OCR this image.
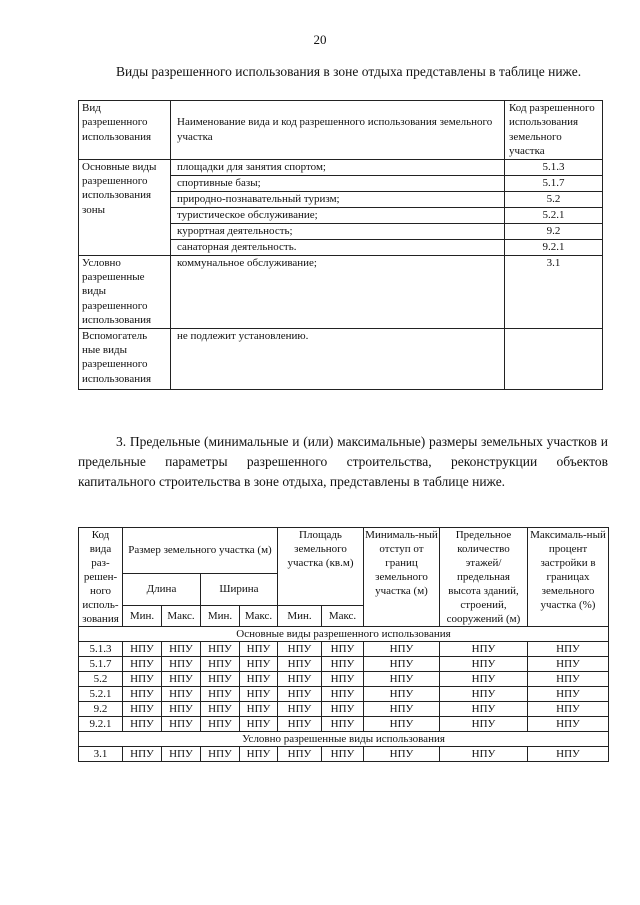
20

Виды разрешенного использования в зоне отдыха представлены в таблице ниже.

Вид разрешенного использования	Наименование вида и код разрешенного использования земельного участка	Код разрешенного использования земельного участка
Основные виды разрешенного использования зоны	площадки для занятия спортом;	5.1.3
	спортивные базы;	5.1.7
	природно-познавательный туризм;	5.2
	туристическое обслуживание;	5.2.1
	курортная деятельность;	9.2
	санаторная деятельность.	9.2.1
Условно разрешенные виды разрешенного использования	коммунальное обслуживание;	3.1
Вспомогатель ные виды разрешенного использования	не подлежит установлению.	

3. Предельные (минимальные и (или) максимальные) размеры земельных участков и предельные параметры разрешенного строительства, реконструкции объектов капитального строительства в зоне отдыха, представлены в таблице ниже.

Код вида раз-решен-ного исполь-зования	Размер земельного участка (м)				Площадь земельного участка (кв.м)		Минималь-ный отступ от границ земельного участка (м)	Предельное количество этажей/ предельная высота зданий, строений, сооружений (м)	Максималь-ный процент застройки в границах земельного участка (%)
	Длина		Ширина						
	Мин.	Макс.	Мин.	Макс.	Мин.	Макс.			
Основные виды разрешенного использования									
5.1.3	НПУ	НПУ	НПУ	НПУ	НПУ	НПУ	НПУ	НПУ	НПУ
5.1.7	НПУ	НПУ	НПУ	НПУ	НПУ	НПУ	НПУ	НПУ	НПУ
5.2	НПУ	НПУ	НПУ	НПУ	НПУ	НПУ	НПУ	НПУ	НПУ
5.2.1	НПУ	НПУ	НПУ	НПУ	НПУ	НПУ	НПУ	НПУ	НПУ
9.2	НПУ	НПУ	НПУ	НПУ	НПУ	НПУ	НПУ	НПУ	НПУ
9.2.1	НПУ	НПУ	НПУ	НПУ	НПУ	НПУ	НПУ	НПУ	НПУ
Условно разрешенные виды использования									
3.1	НПУ	НПУ	НПУ	НПУ	НПУ	НПУ	НПУ	НПУ	НПУ
